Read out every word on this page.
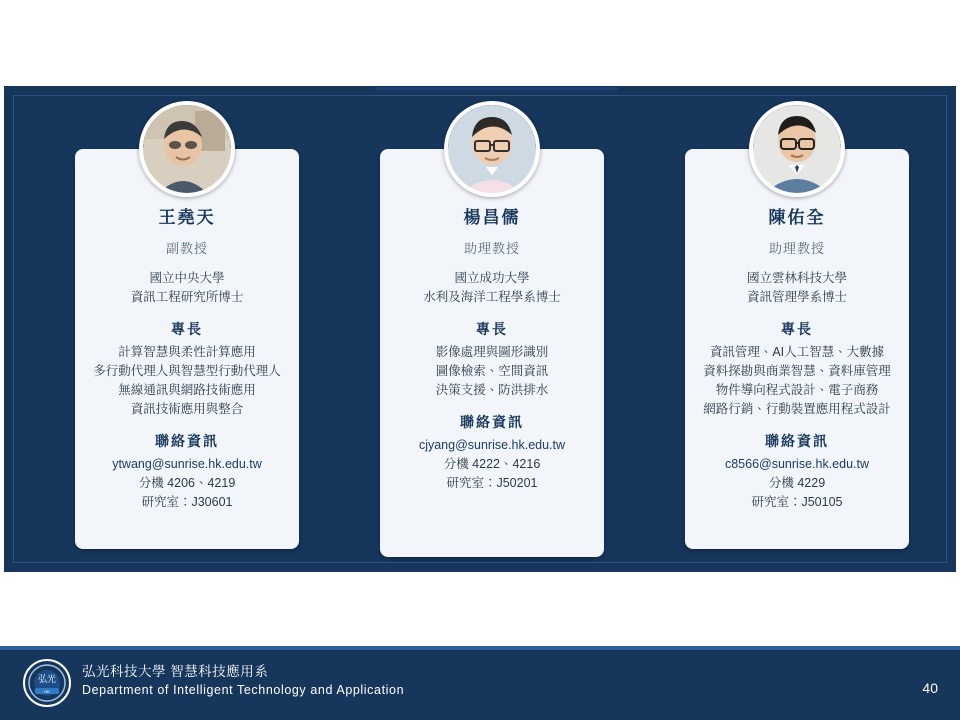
王堯天
副教授
國立中央大學
資訊工程研究所博士
專長
計算智慧與柔性計算應用
多行動代理人與智慧型行動代理人
無線通訊與網路技術應用
資訊技術應用與整合
聯絡資訊
ytwang@sunrise.hk.edu.tw
分機 4206、4219
研究室：J30601
楊昌儒
助理教授
國立成功大學
水利及海洋工程學系博士
專長
影像處理與圖形識別
圖像檢索、空間資訊
決策支援、防洪排水
聯絡資訊
cjyang@sunrise.hk.edu.tw
分機 4222、4216
研究室：J50201
陳佑全
助理教授
國立雲林科技大學
資訊管理學系博士
專長
資訊管理、AI人工智慧、大數據
資料探勘與商業智慧、資料庫管理
物件導向程式設計、電子商務
網路行銷、行動裝置應用程式設計
聯絡資訊
c8566@sunrise.hk.edu.tw
分機 4229
研究室：J50105
弘光
HK
弘光科技大學 智慧科技應用系
Department of Intelligent Technology and Application	40
